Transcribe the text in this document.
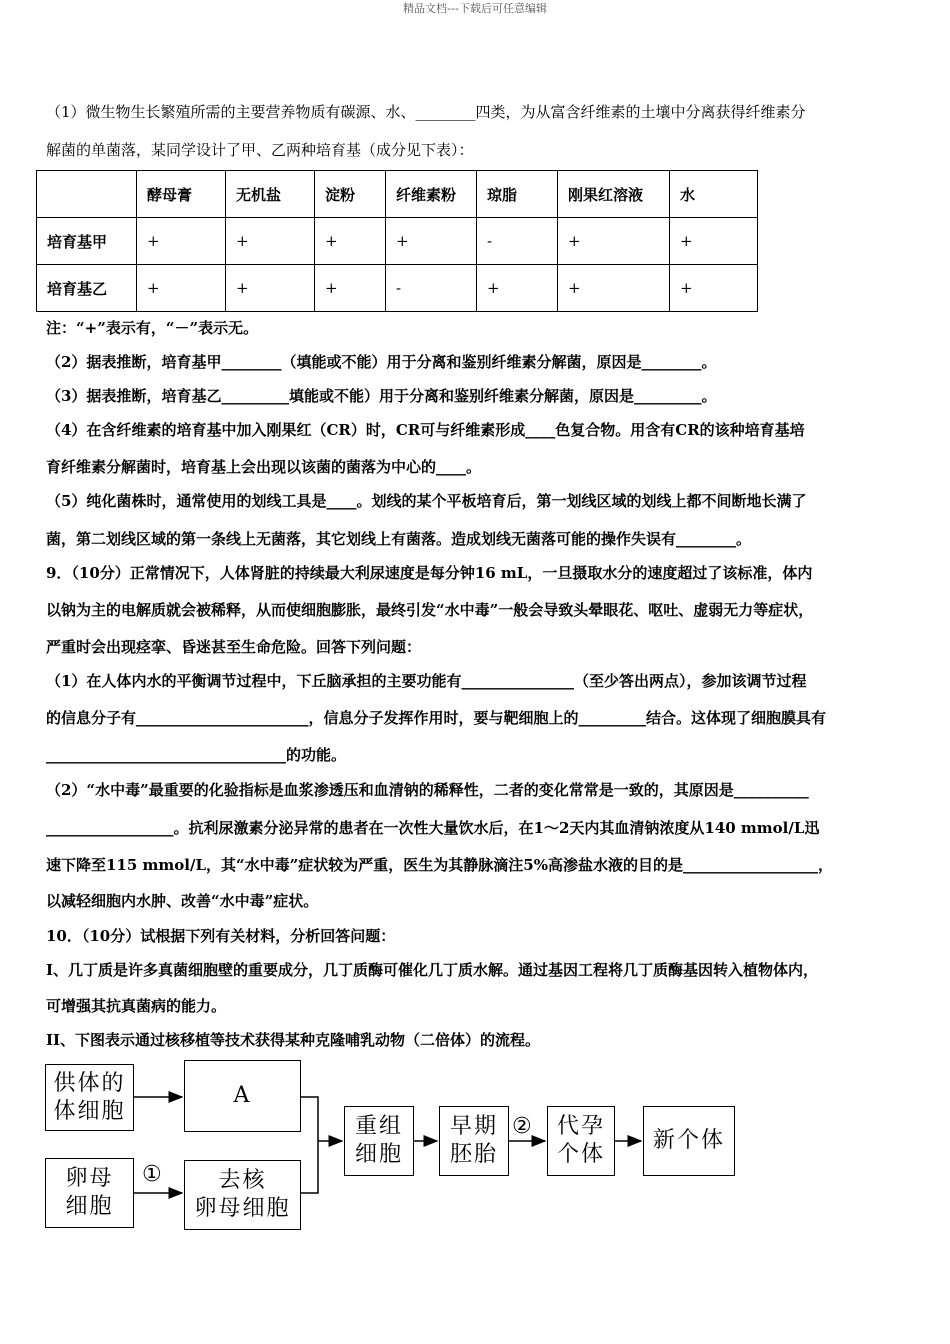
精品文档---下载后可任意编辑
（1）微生物生长繁殖所需的主要营养物质有碳源、水、________四类，为从富含纤维素的土壤中分离获得纤维素分
解菌的单菌落，某同学设计了甲、乙两种培育基（成分见下表）：
	酵母膏	无机盐	淀粉	纤维素粉	琼脂	刚果红溶液	水
培育基甲	+	+	+	+	-	+	+
培育基乙	+	+	+	-	+	+	+
注：“+”表示有，“－”表示无。
（2）据表推断，培育基甲________（填能或不能）用于分离和鉴别纤维素分解菌，原因是________。
（3）据表推断，培育基乙_________填能或不能）用于分离和鉴别纤维素分解菌，原因是_________。
（4）在含纤维素的培育基中加入刚果红（CR）时，CR可与纤维素形成____色复合物。用含有CR的该种培育基培
育纤维素分解菌时，培育基上会出现以该菌的菌落为中心的____。
（5）纯化菌株时，通常使用的划线工具是____。划线的某个平板培育后，第一划线区域的划线上都不间断地长满了
菌，第二划线区域的第一条线上无菌落，其它划线上有菌落。造成划线无菌落可能的操作失误有________。
9．（10分）正常情况下，人体肾脏的持续最大利尿速度是每分钟16 mL，一旦摄取水分的速度超过了该标准，体内
以钠为主的电解质就会被稀释，从而使细胞膨胀，最终引发“水中毒”一般会导致头晕眼花、呕吐、虚弱无力等症状，
严重时会出现痉挛、昏迷甚至生命危险。回答下列问题：
（1）在人体内水的平衡调节过程中，下丘脑承担的主要功能有_______________（至少答出两点），参加该调节过程
的信息分子有_______________________，信息分子发挥作用时，要与靶细胞上的_________结合。这体现了细胞膜具有
________________________________的功能。
（2）“水中毒”最重要的化验指标是血浆渗透压和血清钠的稀释性，二者的变化常常是一致的，其原因是__________
_________________。抗利尿激素分泌异常的患者在一次性大量饮水后，在1～2天内其血清钠浓度从140 mmol/L迅
速下降至115 mmol/L，其“水中毒”症状较为严重，医生为其静脉滴注5%高渗盐水液的目的是__________________，
以减轻细胞内水肿、改善“水中毒”症状。
10．（10分）试根据下列有关材料，分析回答问题：
I、几丁质是许多真菌细胞壁的重要成分，几丁质酶可催化几丁质水解。通过基因工程将几丁质酶基因转入植物体内，
可增强其抗真菌病的能力。
II、下图表示通过核移植等技术获得某种克隆哺乳动物（二倍体）的流程。
供体的
体细胞
A
卵母
细胞
去核
卵母细胞
重组
细胞
早期
胚胎
代孕
个体
新个体
①
②
